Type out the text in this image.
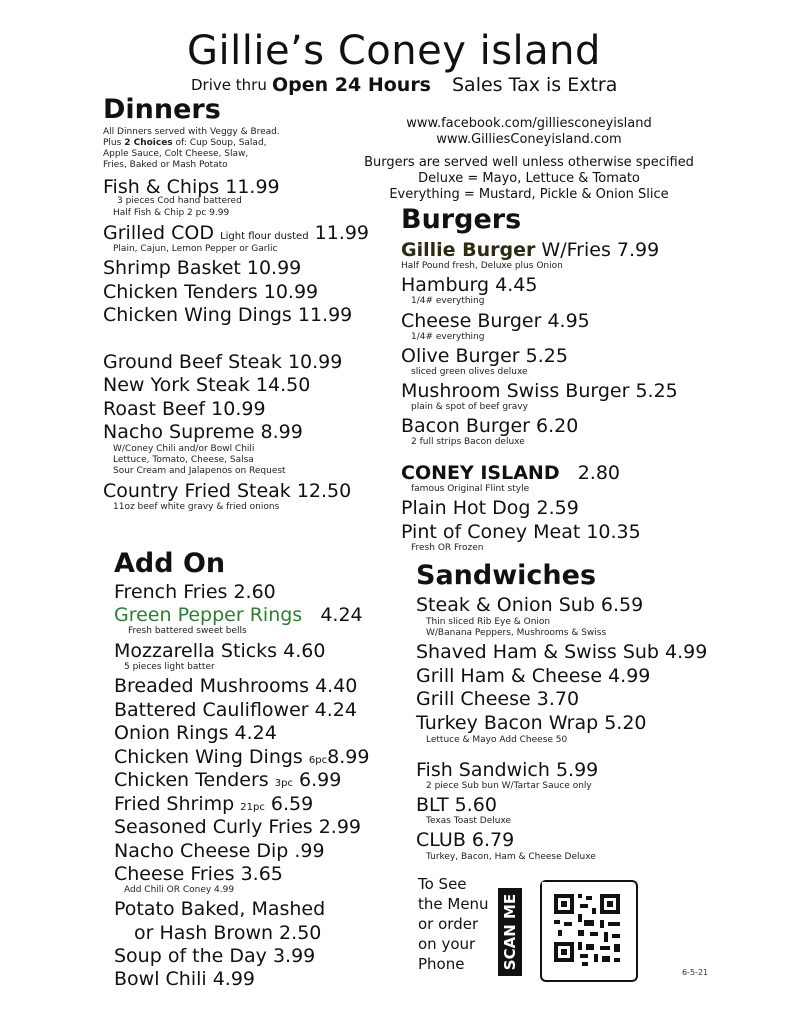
Gillie’s Coney island
Drive thru Open 24 Hours Sales Tax is Extra
www.facebook.com/gilliesconeyisland
www.GilliesConeyisland.com
Burgers are served well unless otherwise specified
Deluxe = Mayo, Lettuce & Tomato
Everything = Mustard, Pickle & Onion Slice
Dinners
All Dinners served with Veggy & Bread.
Plus 2 Choices of: Cup Soup, Salad,
Apple Sauce, Colt Cheese, Slaw,
Fries, Baked or Mash Potato
Fish & Chips 11.99
3 pieces Cod hand battered
Half Fish & Chip 2 pc 9.99
Grilled COD Light flour dusted 11.99
Plain, Cajun, Lemon Pepper or Garlic
Shrimp Basket 10.99
Chicken Tenders 10.99
Chicken Wing Dings 11.99
Ground Beef Steak 10.99
New York Steak 14.50
Roast Beef 10.99
Nacho Supreme 8.99
W/Coney Chili and/or Bowl Chili
Lettuce, Tomato, Cheese, Salsa
Sour Cream and Jalapenos on Request
Country Fried Steak 12.50
11oz beef white gravy & fried onions
Burgers
Gillie Burger W/Fries 7.99
Half Pound fresh, Deluxe plus Onion
Hamburg 4.45
1/4# everything
Cheese Burger 4.95
1/4# everything
Olive Burger 5.25
sliced green olives deluxe
Mushroom Swiss Burger 5.25
plain & spot of beef gravy
Bacon Burger 6.20
2 full strips Bacon deluxe
CONEY ISLAND 2.80
famous Original Flint style
Plain Hot Dog 2.59
Pint of Coney Meat 10.35
Fresh OR Frozen
Add On
French Fries 2.60
Green Pepper Rings 4.24
Fresh battered sweet bells
Mozzarella Sticks 4.60
5 pieces light batter
Breaded Mushrooms 4.40
Battered Cauliflower 4.24
Onion Rings 4.24
Chicken Wing Dings 6pc8.99
Chicken Tenders 3pc 6.99
Fried Shrimp 21pc 6.59
Seasoned Curly Fries 2.99
Nacho Cheese Dip .99
Cheese Fries 3.65
Add Chili OR Coney 4.99
Potato Baked, Mashed
or Hash Brown 2.50
Soup of the Day 3.99
Bowl Chili 4.99
Sandwiches
Steak & Onion Sub 6.59
Thin sliced Rib Eye & Onion
W/Banana Peppers, Mushrooms & Swiss
Shaved Ham & Swiss Sub 4.99
Grill Ham & Cheese 4.99
Grill Cheese 3.70
Turkey Bacon Wrap 5.20
Lettuce & Mayo Add Cheese 50
Fish Sandwich 5.99
2 piece Sub bun W/Tartar Sauce only
BLT 5.60
Texas Toast Deluxe
CLUB 6.79
Turkey, Bacon, Ham & Cheese Deluxe
To See
the Menu
or order
on your
Phone	SCAN ME
6-5-21
